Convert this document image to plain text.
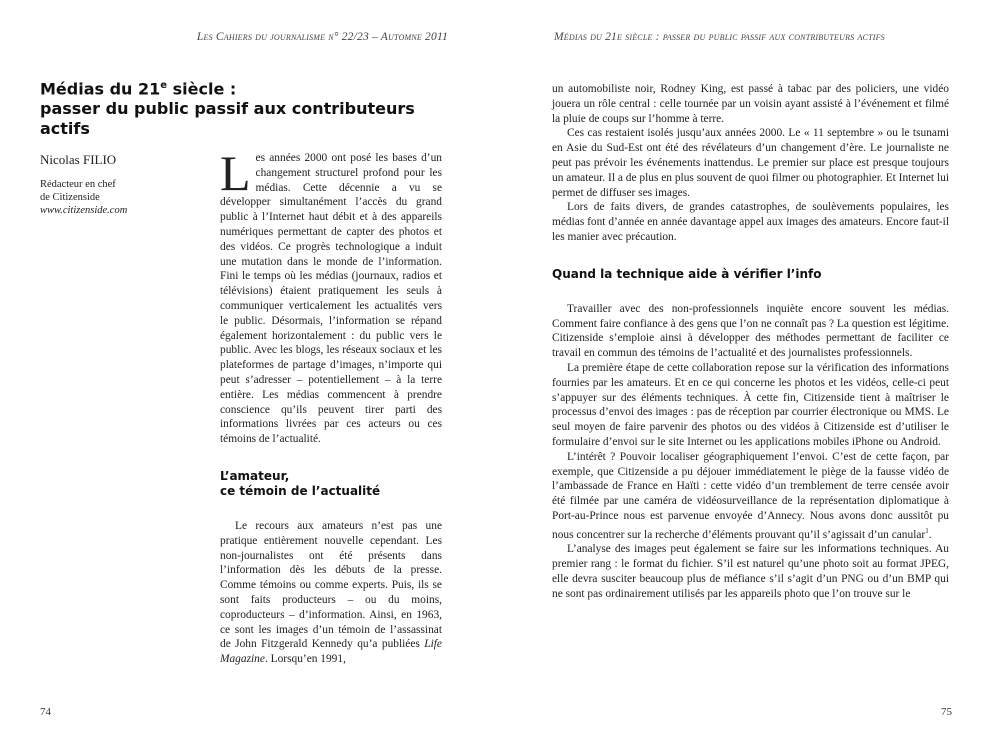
Les Cahiers du journalisme n° 22/23 – Automne 2011
Médias du 21e siècle :
passer du public passif aux contributeurs actifs

Nicolas FILIO

Rédacteur en chef
de Citizenside
www.citizenside.com

Les années 2000 ont posé les bases d’un changement structurel profond pour les médias. Cette décennie a vu se développer simultanément l’accès du grand public à l’Internet haut débit et à des appareils numériques permettant de capter des photos et des vidéos. Ce progrès technologique a induit une mutation dans le monde de l’information. Fini le temps où les médias (journaux, radios et télévisions) étaient pratiquement les seuls à communiquer verticalement les actualités vers le public. Désormais, l’information se répand également horizontalement : du public vers le public. Avec les blogs, les réseaux sociaux et les plateformes de partage d’images, n’importe qui peut s’adresser – potentiellement – à la terre entière. Les médias commencent à prendre conscience qu’ils peuvent tirer parti des informations livrées par ces acteurs ou ces témoins de l’actualité.

L’amateur,
ce témoin de l’actualité

Le recours aux amateurs n’est pas une pratique entièrement nouvelle cependant. Les non-journalistes ont été présents dans l’information dès les débuts de la presse. Comme témoins ou comme experts. Puis, ils se sont faits producteurs – ou du moins, coproducteurs – d’information. Ainsi, en 1963, ce sont les images d’un témoin de l’assassinat de John Fitzgerald Kennedy qu’a publiées Life Magazine. Lorsqu’en 1991,

74
Médias du 21e siècle : passer du public passif aux contributeurs actifs

un automobiliste noir, Rodney King, est passé à tabac par des policiers, une vidéo jouera un rôle central : celle tournée par un voisin ayant assisté à l’événement et filmé la pluie de coups sur l’homme à terre.

Ces cas restaient isolés jusqu’aux années 2000. Le « 11 septembre » ou le tsunami en Asie du Sud-Est ont été des révélateurs d’un changement d’ère. Le journaliste ne peut pas prévoir les événements inattendus. Le premier sur place est presque toujours un amateur. Il a de plus en plus souvent de quoi filmer ou photographier. Et Internet lui permet de diffuser ses images.

Lors de faits divers, de grandes catastrophes, de soulèvements populaires, les médias font d’année en année davantage appel aux images des amateurs. Encore faut-il les manier avec précaution.

Quand la technique aide à vérifier l’info

Travailler avec des non-professionnels inquiète encore souvent les médias. Comment faire confiance à des gens que l’on ne connaît pas ? La question est légitime. Citizenside s’emploie ainsi à développer des méthodes permettant de faciliter ce travail en commun des témoins de l’actualité et des journalistes professionnels.

La première étape de cette collaboration repose sur la vérification des informations fournies par les amateurs. Et en ce qui concerne les photos et les vidéos, celle-ci peut s’appuyer sur des éléments techniques. À cette fin, Citizenside tient à maîtriser le processus d’envoi des images : pas de réception par courrier électronique ou MMS. Le seul moyen de faire parvenir des photos ou des vidéos à Citizenside est d’utiliser le formulaire d’envoi sur le site Internet ou les applications mobiles iPhone ou Android.

L’intérêt ? Pouvoir localiser géographiquement l’envoi. C’est de cette façon, par exemple, que Citizenside a pu déjouer immédiatement le piège de la fausse vidéo de l’ambassade de France en Haïti : cette vidéo d’un tremblement de terre censée avoir été filmée par une caméra de vidéosurveillance de la représentation diplomatique à Port-au-Prince nous est parvenue envoyée d’Annecy. Nous avons donc aussitôt pu nous concentrer sur la recherche d’éléments prouvant qu’il s’agissait d’un canular$^1$.

L’analyse des images peut également se faire sur les informations techniques. Au premier rang : le format du fichier. S’il est naturel qu’une photo soit au format JPEG, elle devra susciter beaucoup plus de méfiance s’il s’agit d’un PNG ou d’un BMP qui ne sont pas ordinairement utilisés par les appareils photo que l’on trouve sur le

75
